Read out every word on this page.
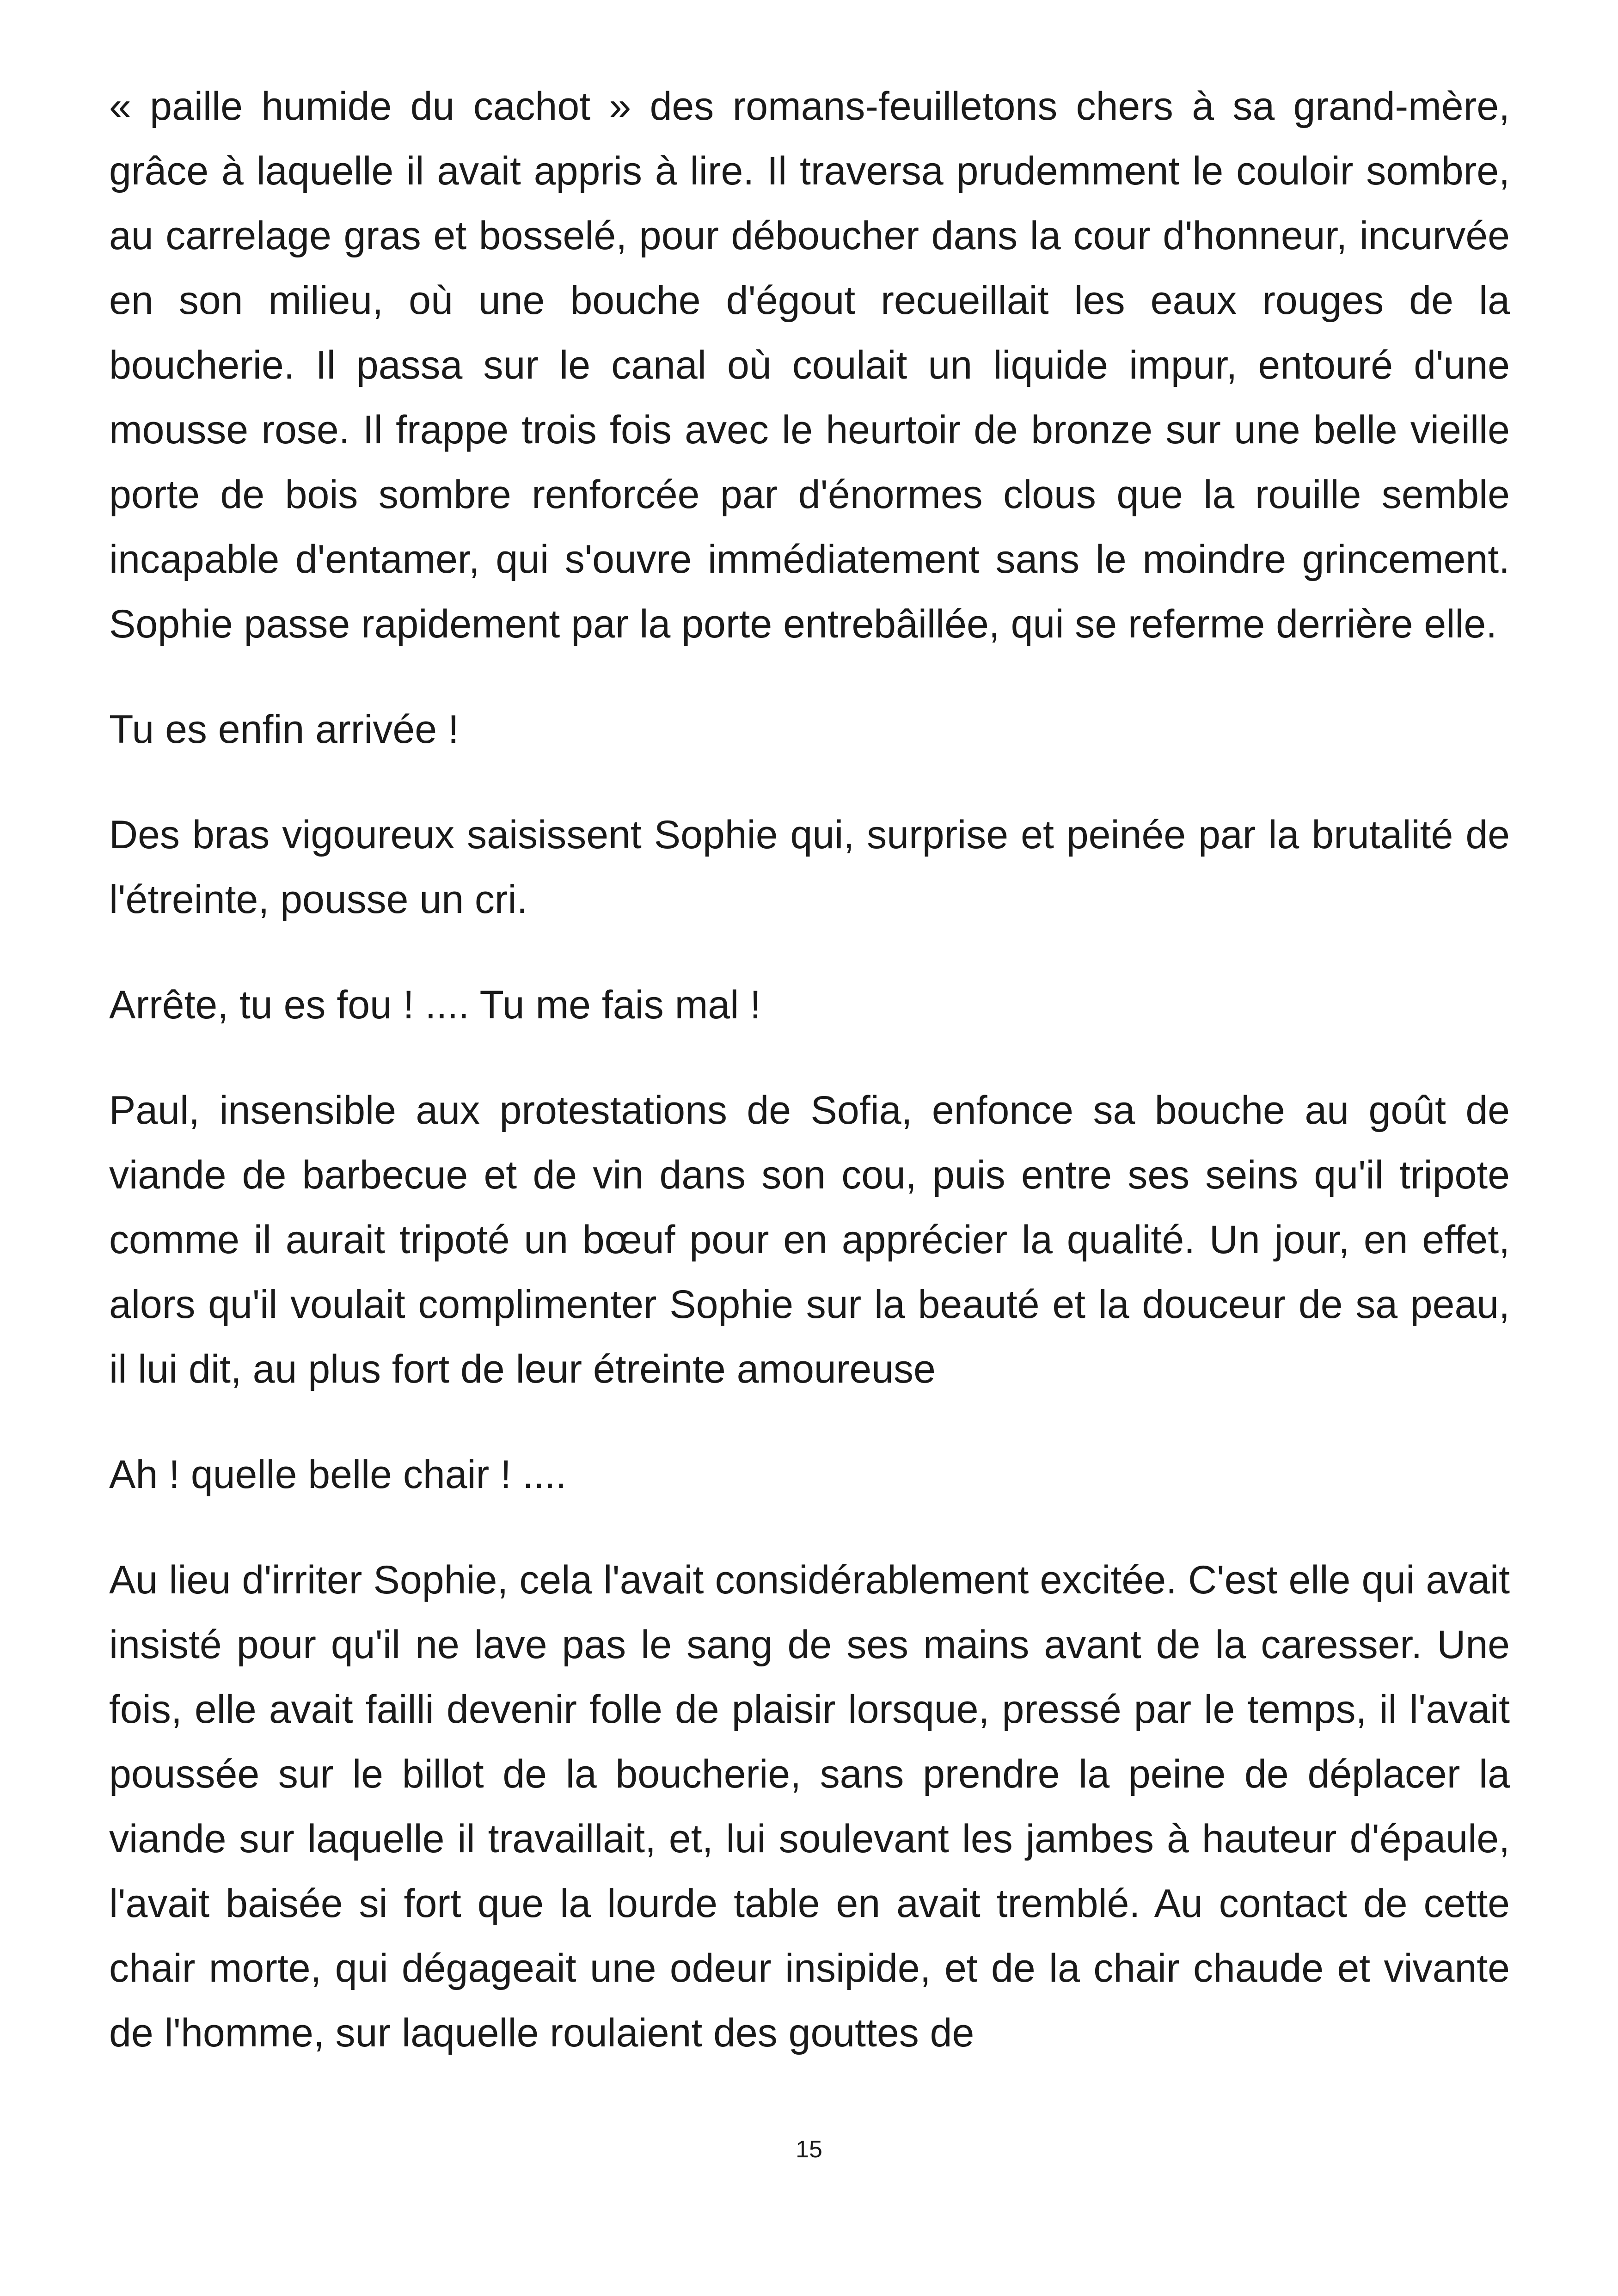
« paille humide du cachot » des romans-feuilletons chers à sa grand-mère, grâce à laquelle il avait appris à lire. Il traversa prudemment le couloir sombre, au carrelage gras et bosselé, pour déboucher dans la cour d'honneur, incurvée en son milieu, où une bouche d'égout recueillait les eaux rouges de la boucherie. Il passa sur le canal où coulait un liquide impur, entouré d'une mousse rose. Il frappe trois fois avec le heurtoir de bronze sur une belle vieille porte de bois sombre renforcée par d'énormes clous que la rouille semble incapable d'entamer, qui s'ouvre immédiatement sans le moindre grincement. Sophie passe rapidement par la porte entrebâillée, qui se referme derrière elle.

Tu es enfin arrivée !

Des bras vigoureux saisissent Sophie qui, surprise et peinée par la brutalité de l'étreinte, pousse un cri.

Arrête, tu es fou ! .... Tu me fais mal !

Paul, insensible aux protestations de Sofia, enfonce sa bouche au goût de viande de barbecue et de vin dans son cou, puis entre ses seins qu'il tripote comme il aurait tripoté un bœuf pour en apprécier la qualité. Un jour, en effet, alors qu'il voulait complimenter Sophie sur la beauté et la douceur de sa peau, il lui dit, au plus fort de leur étreinte amoureuse

Ah ! quelle belle chair ! ....

Au lieu d'irriter Sophie, cela l'avait considérablement excitée. C'est elle qui avait insisté pour qu'il ne lave pas le sang de ses mains avant de la caresser. Une fois, elle avait failli devenir folle de plaisir lorsque, pressé par le temps, il l'avait poussée sur le billot de la boucherie, sans prendre la peine de déplacer la viande sur laquelle il travaillait, et, lui soulevant les jambes à hauteur d'épaule, l'avait baisée si fort que la lourde table en avait tremblé. Au contact de cette chair morte, qui dégageait une odeur insipide, et de la chair chaude et vivante de l'homme, sur laquelle roulaient des gouttes de

15
